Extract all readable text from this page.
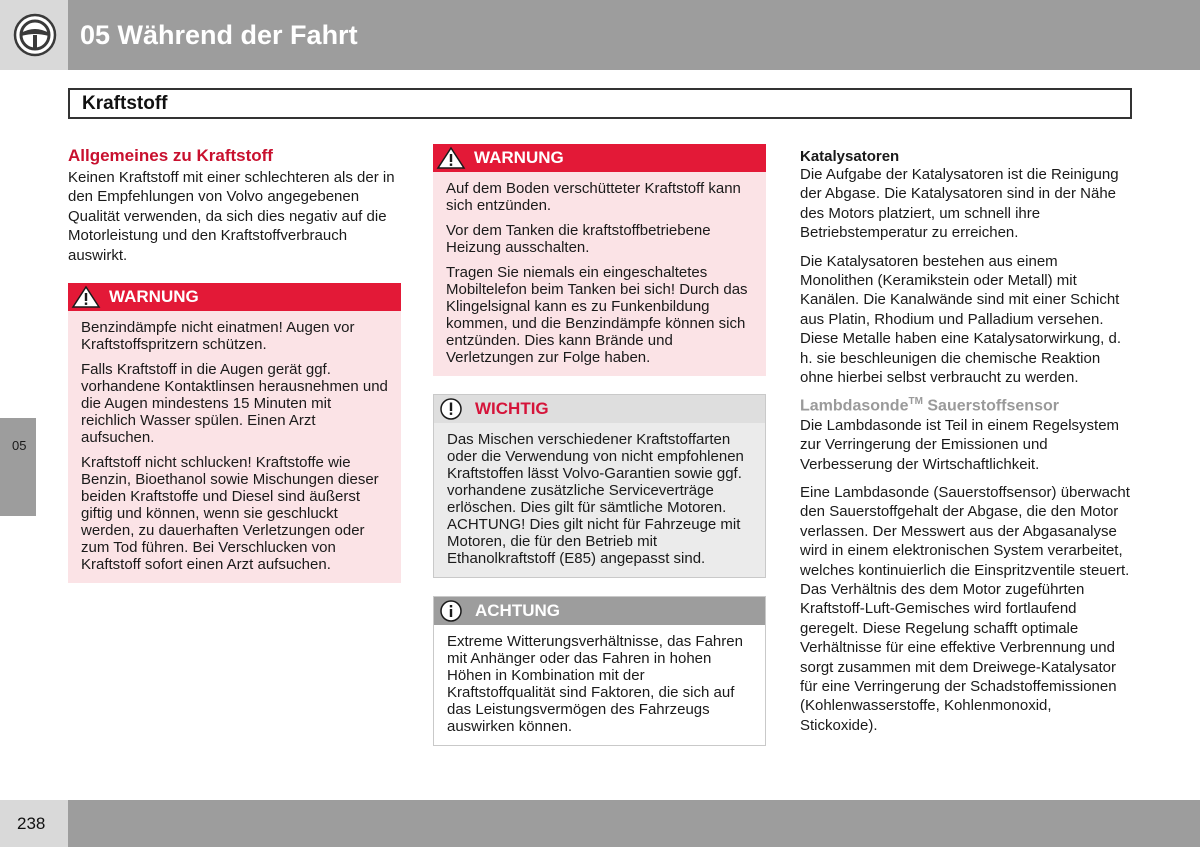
05 Während der Fahrt
Kraftstoff
05
Allgemeines zu Kraftstoff

Keinen Kraftstoff mit einer schlechteren als der in den Empfehlungen von Volvo angegebenen Qualität verwenden, da sich dies negativ auf die Motorleistung und den Kraftstoffverbrauch auswirkt.

WARNUNG

Benzindämpfe nicht einatmen! Augen vor Kraftstoffspritzern schützen.

Falls Kraftstoff in die Augen gerät ggf. vorhandene Kontaktlinsen herausnehmen und die Augen mindestens 15 Minuten mit reichlich Wasser spülen. Einen Arzt aufsuchen.

Kraftstoff nicht schlucken! Kraftstoffe wie Benzin, Bioethanol sowie Mischungen dieser beiden Kraftstoffe und Diesel sind äußerst giftig und können, wenn sie geschluckt werden, zu dauerhaften Verletzungen oder zum Tod führen. Bei Verschlucken von Kraftstoff sofort einen Arzt aufsuchen.

WARNUNG

Auf dem Boden verschütteter Kraftstoff kann sich entzünden.

Vor dem Tanken die kraftstoffbetriebene Heizung ausschalten.

Tragen Sie niemals ein eingeschaltetes Mobiltelefon beim Tanken bei sich! Durch das Klingelsignal kann es zu Funkenbildung kommen, und die Benzindämpfe können sich entzünden. Dies kann Brände und Verletzungen zur Folge haben.

WICHTIG

Das Mischen verschiedener Kraftstoffarten oder die Verwendung von nicht empfohlenen Kraftstoffen lässt Volvo-Garantien sowie ggf. vorhandene zusätzliche Serviceverträge erlöschen. Dies gilt für sämtliche Motoren. ACHTUNG! Dies gilt nicht für Fahrzeuge mit Motoren, die für den Betrieb mit Ethanolkraftstoff (E85) angepasst sind.

ACHTUNG

Extreme Witterungsverhältnisse, das Fahren mit Anhänger oder das Fahren in hohen Höhen in Kombination mit der Kraftstoffqualität sind Faktoren, die sich auf das Leistungsvermögen des Fahrzeugs auswirken können.

Katalysatoren

Die Aufgabe der Katalysatoren ist die Reinigung der Abgase. Die Katalysatoren sind in der Nähe des Motors platziert, um schnell ihre Betriebstemperatur zu erreichen.

Die Katalysatoren bestehen aus einem Monolithen (Keramikstein oder Metall) mit Kanälen. Die Kanalwände sind mit einer Schicht aus Platin, Rhodium und Palladium versehen. Diese Metalle haben eine Katalysatorwirkung, d. h. sie beschleunigen die chemische Reaktion ohne hierbei selbst verbraucht zu werden.

Lambdasonde™ Sauerstoffsensor

Die Lambdasonde ist Teil in einem Regelsystem zur Verringerung der Emissionen und Verbesserung der Wirtschaftlichkeit.

Eine Lambdasonde (Sauerstoffsensor) überwacht den Sauerstoffgehalt der Abgase, die den Motor verlassen. Der Messwert aus der Abgasanalyse wird in einem elektronischen System verarbeitet, welches kontinuierlich die Einspritzventile steuert. Das Verhältnis des dem Motor zugeführten Kraftstoff-Luft-Gemisches wird fortlaufend geregelt. Diese Regelung schafft optimale Verhältnisse für eine effektive Verbrennung und sorgt zusammen mit dem Dreiwege-Katalysator für eine Verringerung der Schadstoffemissionen (Kohlenwasserstoffe, Kohlenmonoxid, Stickoxide).

238
